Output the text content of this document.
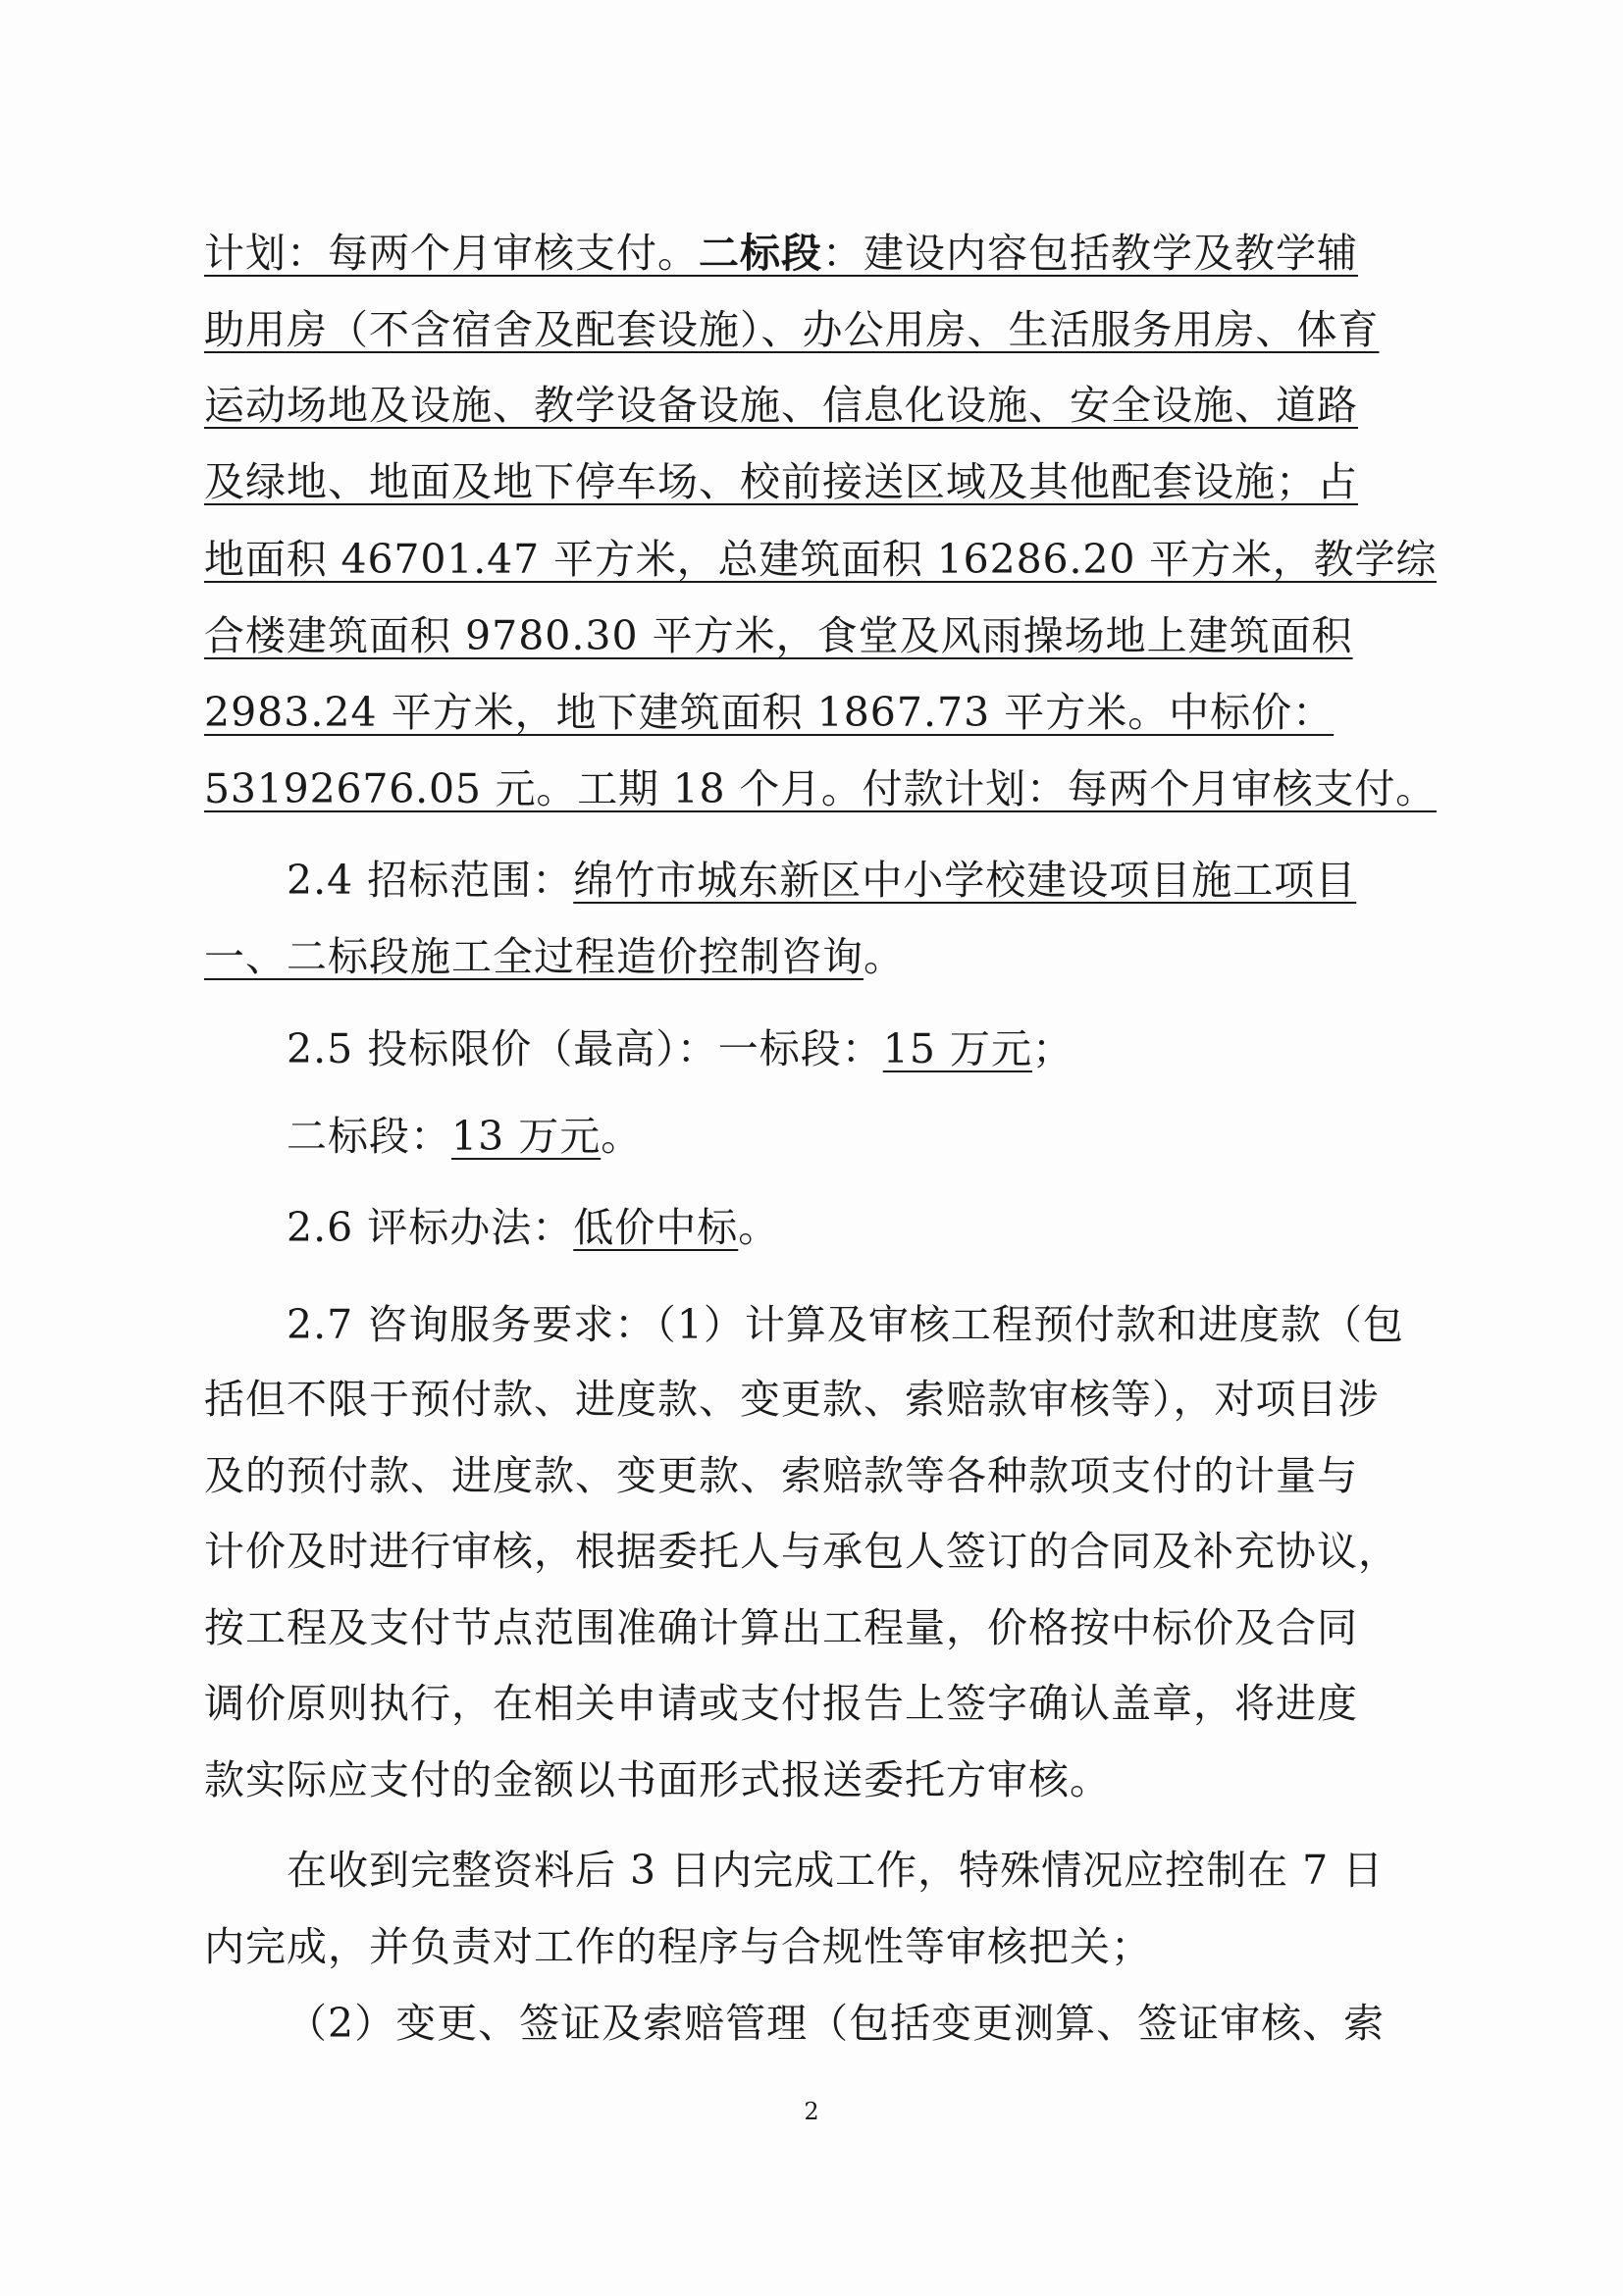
计划：每两个月审核支付。二标段：建设内容包括教学及教学辅
助用房（不含宿舍及配套设施）、办公用房、生活服务用房、体育
运动场地及设施、教学设备设施、信息化设施、安全设施、道路
及绿地、地面及地下停车场、校前接送区域及其他配套设施；占
地面积 46701.47 平方米，总建筑面积 16286.20 平方米，教学综
合楼建筑面积 9780.30 平方米，食堂及风雨操场地上建筑面积
2983.24 平方米，地下建筑面积 1867.73 平方米。中标价：
53192676.05 元。工期 18 个月。付款计划：每两个月审核支付。
2.4 招标范围：绵竹市城东新区中小学校建设项目施工项目
一、二标段施工全过程造价控制咨询。
2.5 投标限价（最高）：一标段：15 万元；
二标段：13 万元。
2.6 评标办法：低价中标。
2.7 咨询服务要求：（1）计算及审核工程预付款和进度款（包
括但不限于预付款、进度款、变更款、索赔款审核等），对项目涉
及的预付款、进度款、变更款、索赔款等各种款项支付的计量与
计价及时进行审核，根据委托人与承包人签订的合同及补充协议，
按工程及支付节点范围准确计算出工程量，价格按中标价及合同
调价原则执行，在相关申请或支付报告上签字确认盖章，将进度
款实际应支付的金额以书面形式报送委托方审核。
在收到完整资料后 3 日内完成工作，特殊情况应控制在 7 日
内完成，并负责对工作的程序与合规性等审核把关；
（2）变更、签证及索赔管理（包括变更测算、签证审核、索
2
